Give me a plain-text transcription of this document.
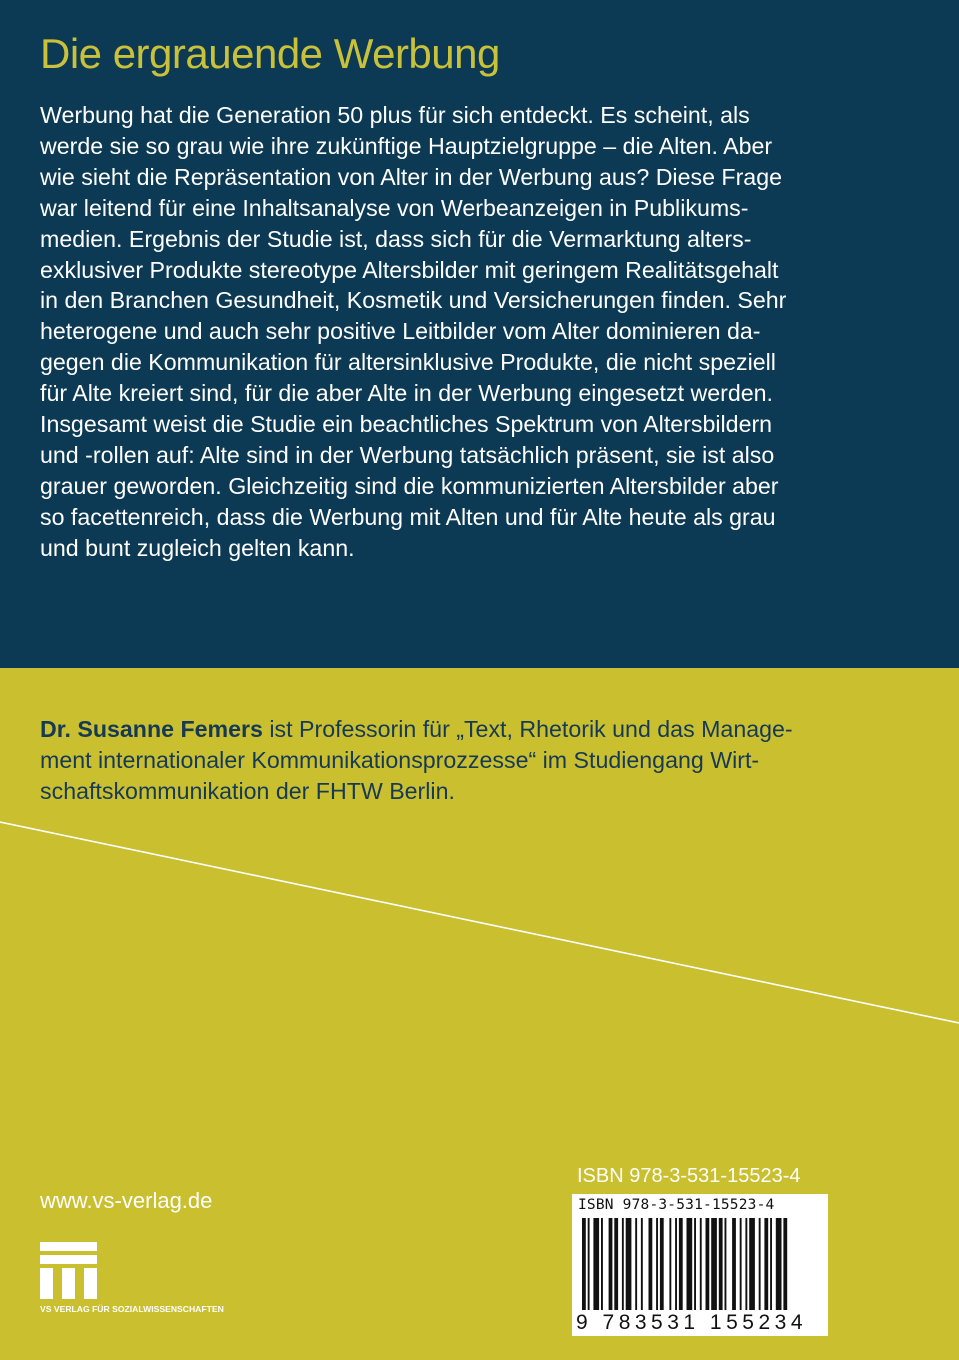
Die ergrauende Werbung
Werbung hat die Generation 50 plus für sich entdeckt. Es scheint, als
werde sie so grau wie ihre zukünftige Hauptzielgruppe – die Alten. Aber
wie sieht die Repräsentation von Alter in der Werbung aus? Diese Frage
war leitend für eine Inhaltsanalyse von Werbeanzeigen in Publikums-
medien. Ergebnis der Studie ist, dass sich für die Vermarktung alters-
exklusiver Produkte stereotype Altersbilder mit geringem Realitätsgehalt
in den Branchen Gesundheit, Kosmetik und Versicherungen finden. Sehr
heterogene und auch sehr positive Leitbilder vom Alter dominieren da-
gegen die Kommunikation für altersinklusive Produkte, die nicht speziell
für Alte kreiert sind, für die aber Alte in der Werbung eingesetzt werden.
Insgesamt weist die Studie ein beachtliches Spektrum von Altersbildern
und -rollen auf: Alte sind in der Werbung tatsächlich präsent, sie ist also
grauer geworden. Gleichzeitig sind die kommunizierten Altersbilder aber
so facettenreich, dass die Werbung mit Alten und für Alte heute als grau
und bunt zugleich gelten kann.
Dr. Susanne Femers ist Professorin für „Text, Rhetorik und das Manage-
ment internationaler Kommunikationsprozzesse“ im Studiengang Wirt-
schaftskommunikation der FHTW Berlin.
www.vs-verlag.de
VS VERLAG FÜR SOZIALWISSENSCHAFTEN
ISBN 978-3-531-15523-4
ISBN 978-3-531-15523-4
9 783531 155234
